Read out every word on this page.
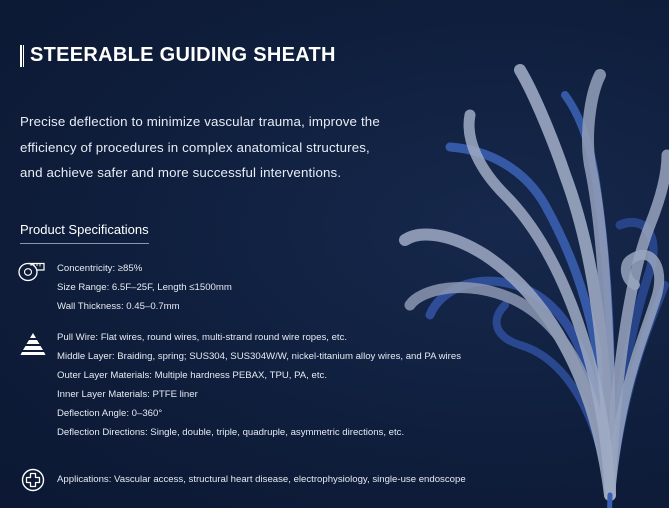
STEERABLE GUIDING SHEATH
Precise deflection to minimize vascular trauma, improve the
efficiency of procedures in complex anatomical structures,
and achieve safer and more successful interventions.
Product Specifications
Concentricity: ≥85%
Size Range: 6.5F–25F, Length ≤1500mm
Wall Thickness: 0.45–0.7mm
Pull Wire: Flat wires, round wires, multi-strand round wire ropes, etc.
Middle Layer: Braiding, spring; SUS304, SUS304W/W, nickel-titanium alloy wires, and PA wires
Outer Layer Materials: Multiple hardness PEBAX, TPU, PA, etc.
Inner Layer Materials: PTFE liner
Deflection Angle: 0–360°
Deflection Directions: Single, double, triple, quadruple, asymmetric directions, etc.
Applications: Vascular access, structural heart disease, electrophysiology, single-use endoscope
